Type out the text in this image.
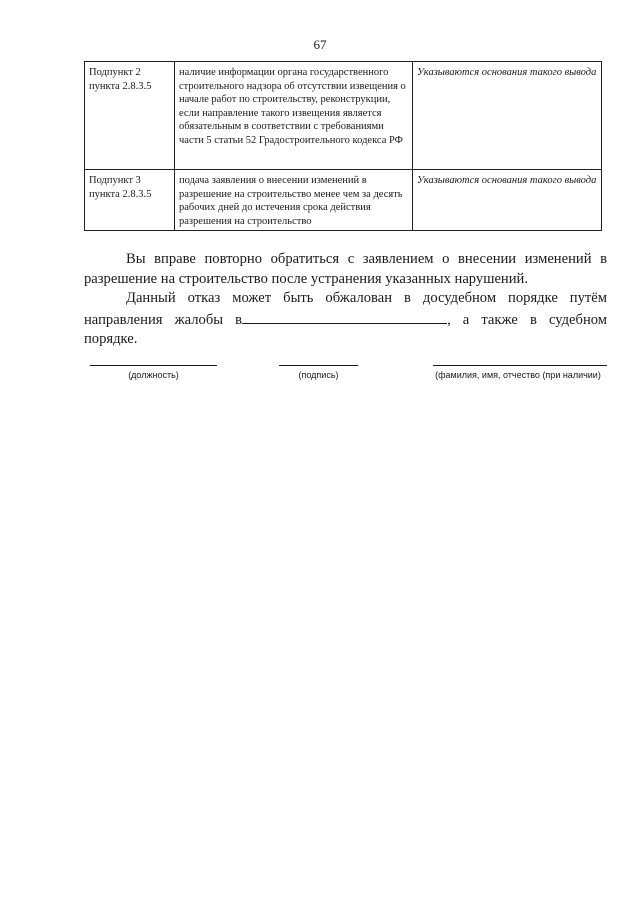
67
Подпункт 2 пункта 2.8.3.5	наличие информации органа государственного строительного надзора об отсутствии извещения о начале работ по строительству, реконструкции, если направление такого извещения является обязательным в соответствии с требованиями части 5 статьи 52 Градостроительного кодекса РФ	Указываются основания такого вывода
Подпункт 3 пункта 2.8.3.5	подача заявления о внесении изменений в разрешение на строительство менее чем за десять рабочих дней до истечения срока действия разрешения на строительство	Указываются основания такого вывода
Вы вправе повторно обратиться с заявлением о внесении изменений в разрешение на строительство после устранения указанных нарушений.
Данный отказ может быть обжалован в досудебном порядке путём направления жалобы в	, а также в судебном порядке.
(должность)	(подпись)	(фамилия, имя, отчество (при наличии)
